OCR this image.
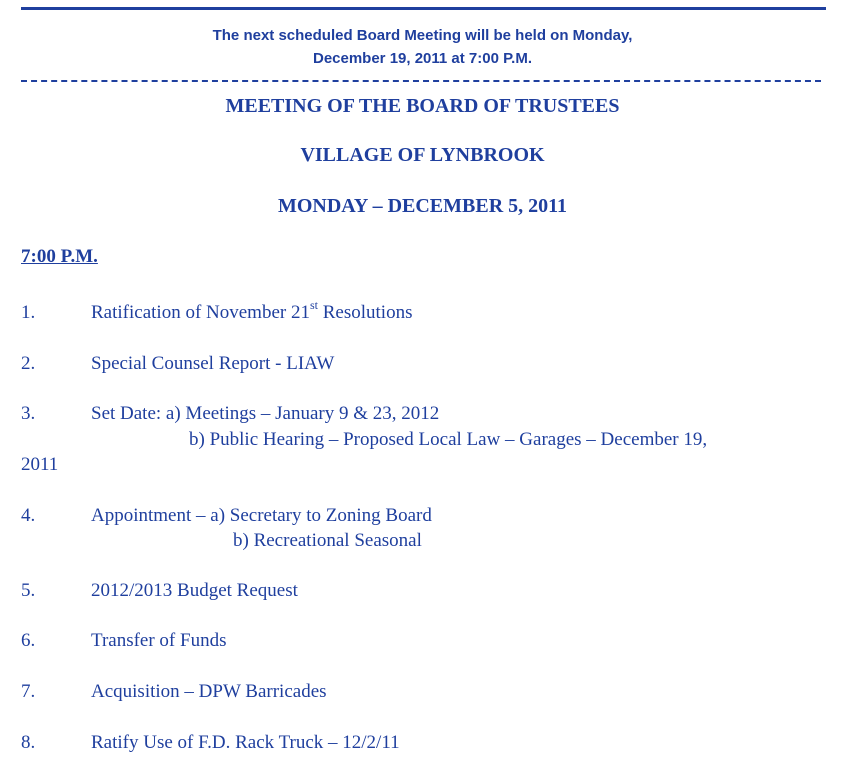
The next scheduled Board Meeting will be held on Monday,
December 19, 2011 at 7:00 P.M.
MEETING OF THE BOARD OF TRUSTEES
VILLAGE OF LYNBROOK
MONDAY – DECEMBER 5, 2011
7:00 P.M.
1.	Ratification of November 21st Resolutions
2.	Special Counsel Report - LIAW
3.	Set Date: a) Meetings – January 9 & 23, 2012
b) Public Hearing – Proposed Local Law – Garages – December 19,
2011
4.	Appointment – a) Secretary to Zoning Board
b) Recreational Seasonal
5.	2012/2013 Budget Request
6.	Transfer of Funds
7.	Acquisition – DPW Barricades
8.	Ratify Use of F.D. Rack Truck – 12/2/11
